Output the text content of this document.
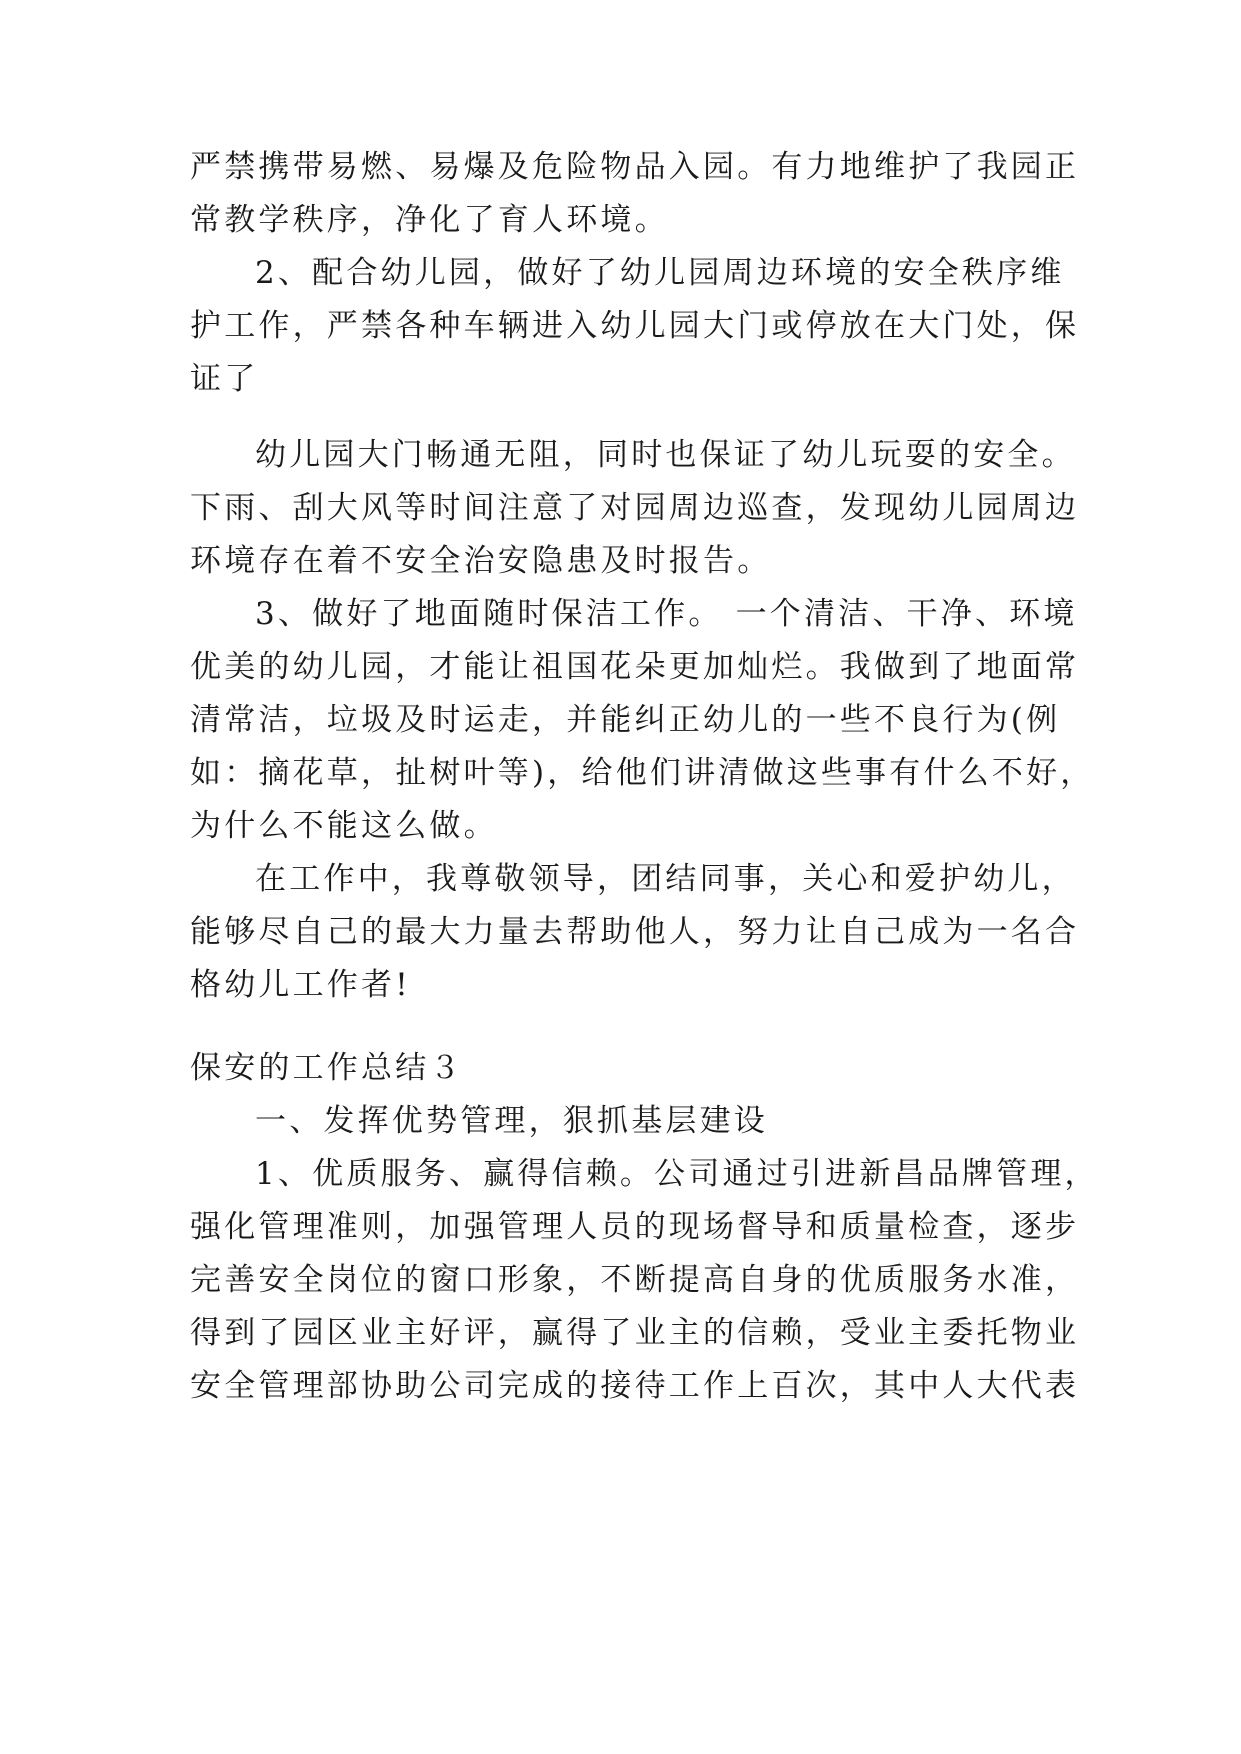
严禁携带易燃、易爆及危险物品入园。有力地维护了我园正
常教学秩序，净化了育人环境。
2、配合幼儿园，做好了幼儿园周边环境的安全秩序维
护工作，严禁各种车辆进入幼儿园大门或停放在大门处，保
证了
幼儿园大门畅通无阻，同时也保证了幼儿玩耍的安全。
下雨、刮大风等时间注意了对园周边巡查，发现幼儿园周边
环境存在着不安全治安隐患及时报告。
3、做好了地面随时保洁工作。 一个清洁、干净、环境
优美的幼儿园，才能让祖国花朵更加灿烂。我做到了地面常
清常洁，垃圾及时运走，并能纠正幼儿的一些不良行为(例
如：摘花草，扯树叶等)，给他们讲清做这些事有什么不好，
为什么不能这么做。
在工作中，我尊敬领导，团结同事，关心和爱护幼儿，
能够尽自己的最大力量去帮助他人，努力让自己成为一名合
格幼儿工作者!
保安的工作总结３
一、发挥优势管理，狠抓基层建设
1、优质服务、赢得信赖。公司通过引进新昌品牌管理，
强化管理准则，加强管理人员的现场督导和质量检查，逐步
完善安全岗位的窗口形象，不断提高自身的优质服务水准，
得到了园区业主好评，赢得了业主的信赖，受业主委托物业
安全管理部协助公司完成的接待工作上百次，其中人大代表
